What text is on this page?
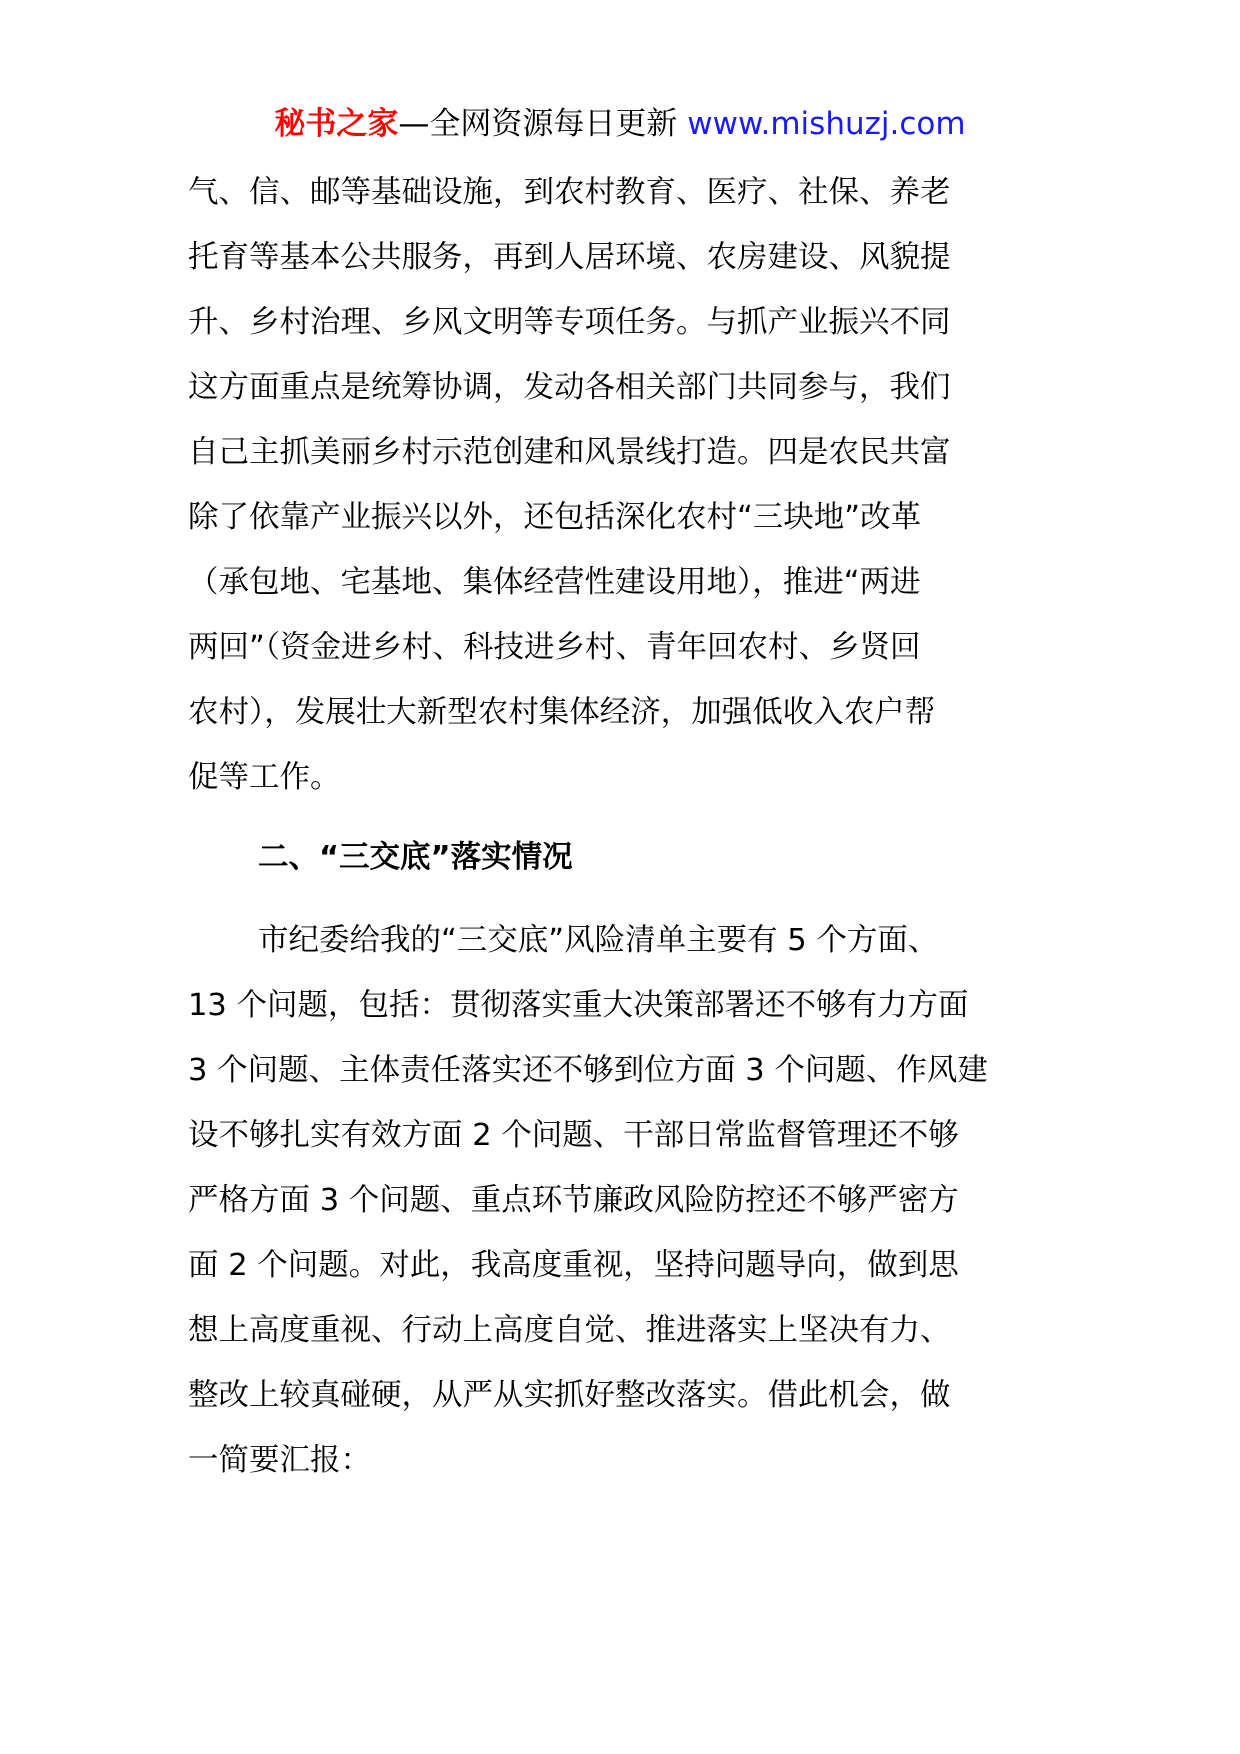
秘书之家—全网资源每日更新 www.mishuzj.com
气、信、邮等基础设施，到农村教育、医疗、社保、养老
托育等基本公共服务，再到人居环境、农房建设、风貌提
升、乡村治理、乡风文明等专项任务。与抓产业振兴不同
这方面重点是统筹协调，发动各相关部门共同参与，我们
自己主抓美丽乡村示范创建和风景线打造。四是农民共富
除了依靠产业振兴以外，还包括深化农村“三块地”改革
（承包地、宅基地、集体经营性建设用地），推进“两进
两回”（资金进乡村、科技进乡村、青年回农村、乡贤回
农村），发展壮大新型农村集体经济，加强低收入农户帮
促等工作。
二、“三交底”落实情况
市纪委给我的“三交底”风险清单主要有 5 个方面、
13 个问题，包括：贯彻落实重大决策部署还不够有力方面
3 个问题、主体责任落实还不够到位方面 3 个问题、作风建
设不够扎实有效方面 2 个问题、干部日常监督管理还不够
严格方面 3 个问题、重点环节廉政风险防控还不够严密方
面 2 个问题。对此，我高度重视，坚持问题导向，做到思
想上高度重视、行动上高度自觉、推进落实上坚决有力、
整改上较真碰硬，从严从实抓好整改落实。借此机会，做
一简要汇报：
